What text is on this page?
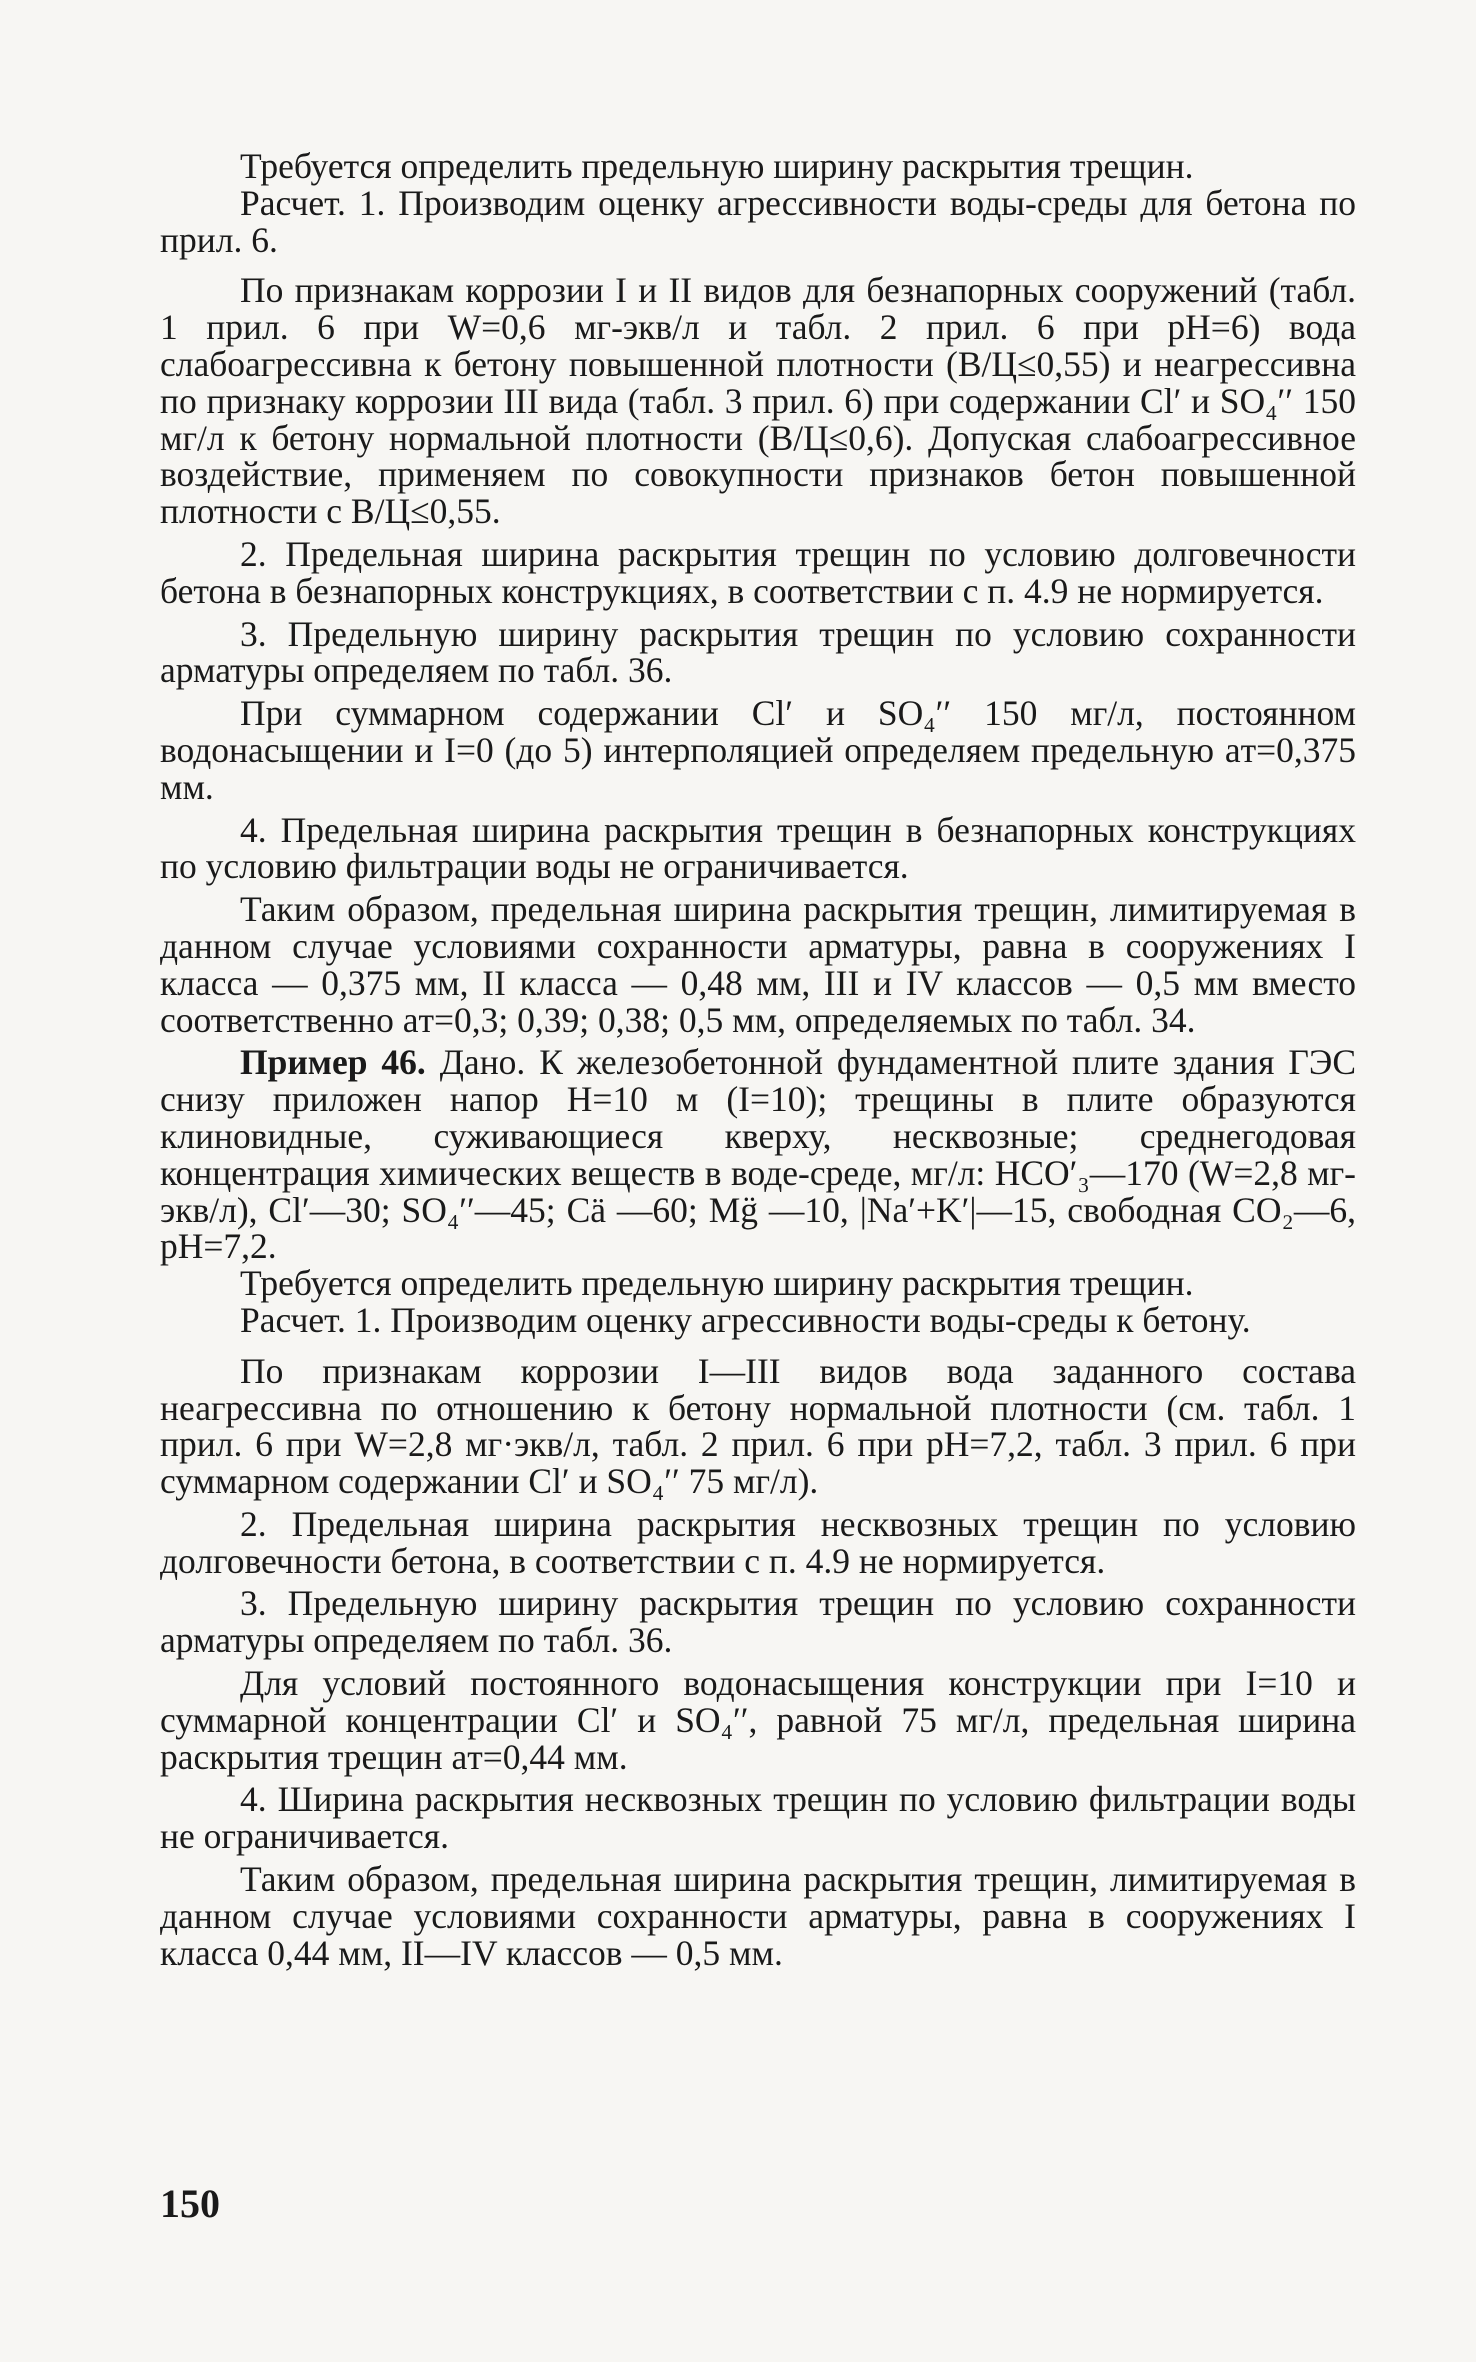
Требуется определить предельную ширину раскрытия трещин.

Расчет. 1. Производим оценку агрессивности воды-среды для бетона по прил. 6.

По признакам коррозии I и II видов для безнапорных сооружений (табл. 1 прил. 6 при W=0,6 мг-экв/л и табл. 2 прил. 6 при pH=6) вода слабоагрессивна к бетону повышенной плотности (В/Ц≤0,55) и неагрессивна по признаку коррозии III вида (табл. 3 прил. 6) при содержании Cl′ и SO₄′′ 150 мг/л к бетону нормальной плотности (В/Ц≤0,6). Допуская слабоагрессивное воздействие, применяем по совокупности признаков бетон повышенной плотности с В/Ц≤0,55.

2. Предельная ширина раскрытия трещин по условию долговечности бетона в безнапорных конструкциях, в соответствии с п. 4.9 не нормируется.

3. Предельную ширину раскрытия трещин по условию сохранности арматуры определяем по табл. 36.

При суммарном содержании Cl′ и SO₄′′ 150 мг/л, постоянном водонасыщении и I=0 (до 5) интерполяцией определяем предельную aт=0,375 мм.

4. Предельная ширина раскрытия трещин в безнапорных конструкциях по условию фильтрации воды не ограничивается.

Таким образом, предельная ширина раскрытия трещин, лимитируемая в данном случае условиями сохранности арматуры, равна в сооружениях I класса — 0,375 мм, II класса — 0,48 мм, III и IV классов — 0,5 мм вместо соответственно aт=0,3; 0,39; 0,38; 0,5 мм, определяемых по табл. 34.

Пример 46. Дано. К железобетонной фундаментной плите здания ГЭС снизу приложен напор H=10 м (I=10); трещины в плите образуются клиновидные, суживающиеся кверху, несквозные; среднегодовая концентрация химических веществ в воде-среде, мг/л: HCO′₃—170 (W=2,8 мг-экв/л), Cl′—30; SO₄′′—45; Cä —60; Mg̈ —10, |Na′+K′|—15, свободная CO₂—6, pH=7,2.

Требуется определить предельную ширину раскрытия трещин.

Расчет. 1. Производим оценку агрессивности воды-среды к бетону.

По признакам коррозии I—III видов вода заданного состава неагрессивна по отношению к бетону нормальной плотности (см. табл. 1 прил. 6 при W=2,8 мг·экв/л, табл. 2 прил. 6 при pH=7,2, табл. 3 прил. 6 при суммарном содержании Cl′ и SO₄′′ 75 мг/л).

2. Предельная ширина раскрытия несквозных трещин по условию долговечности бетона, в соответствии с п. 4.9 не нормируется.

3. Предельную ширину раскрытия трещин по условию сохранности арматуры определяем по табл. 36.

Для условий постоянного водонасыщения конструкции при I=10 и суммарной концентрации Cl′ и SO₄′′, равной 75 мг/л, предельная ширина раскрытия трещин aт=0,44 мм.

4. Ширина раскрытия несквозных трещин по условию фильтрации воды не ограничивается.

Таким образом, предельная ширина раскрытия трещин, лимитируемая в данном случае условиями сохранности арматуры, равна в сооружениях I класса 0,44 мм, II—IV классов — 0,5 мм.

150
